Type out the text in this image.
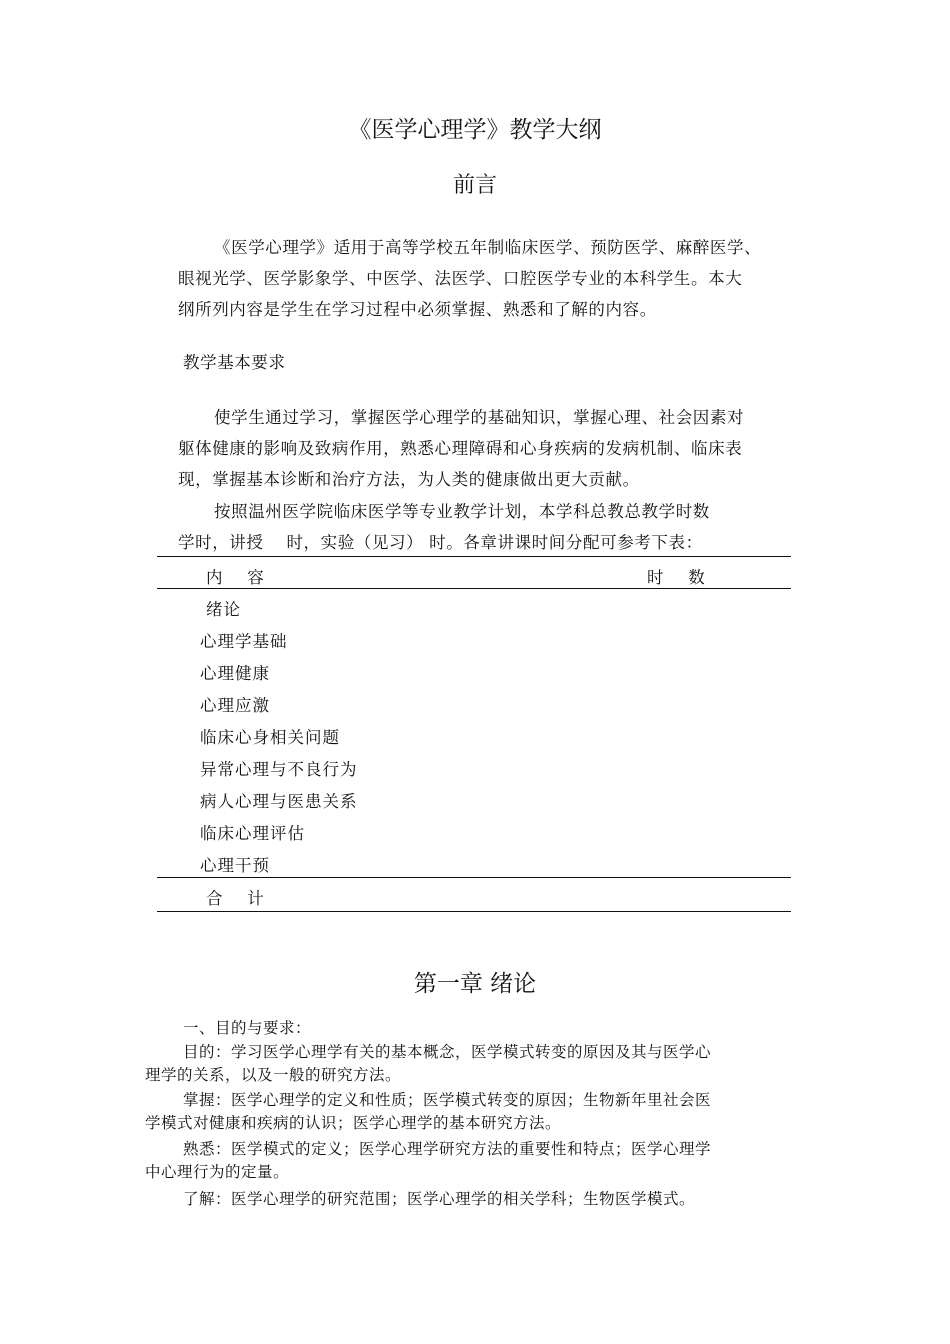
《医学心理学》教学大纲
前言
《医学心理学》适用于高等学校五年制临床医学、预防医学、麻醉医学、
眼视光学、医学影象学、中医学、法医学、口腔医学专业的本科学生。本大
纲所列内容是学生在学习过程中必须掌握、熟悉和了解的内容。
教学基本要求
使学生通过学习，掌握医学心理学的基础知识，掌握心理、社会因素对
躯体健康的影响及致病作用，熟悉心理障碍和心身疾病的发病机制、临床表
现，掌握基本诊断和治疗方法，为人类的健康做出更大贡献。
按照温州医学院临床医学等专业教学计划，本学科总教总教学时数
学时，讲授　 时，实验（见习） 时。各章讲课时间分配可参考下表：
内　 容	时　 数
绪论
心理学基础
心理健康
心理应激
临床心身相关问题
异常心理与不良行为
病人心理与医患关系
临床心理评估
心理干预
合　 计
第一章 绪论
一、目的与要求：
目的：学习医学心理学有关的基本概念，医学模式转变的原因及其与医学心
理学的关系，以及一般的研究方法。
掌握：医学心理学的定义和性质；医学模式转变的原因；生物新年里社会医
学模式对健康和疾病的认识；医学心理学的基本研究方法。
熟悉：医学模式的定义；医学心理学研究方法的重要性和特点；医学心理学
中心理行为的定量。
了解：医学心理学的研究范围；医学心理学的相关学科；生物医学模式。
